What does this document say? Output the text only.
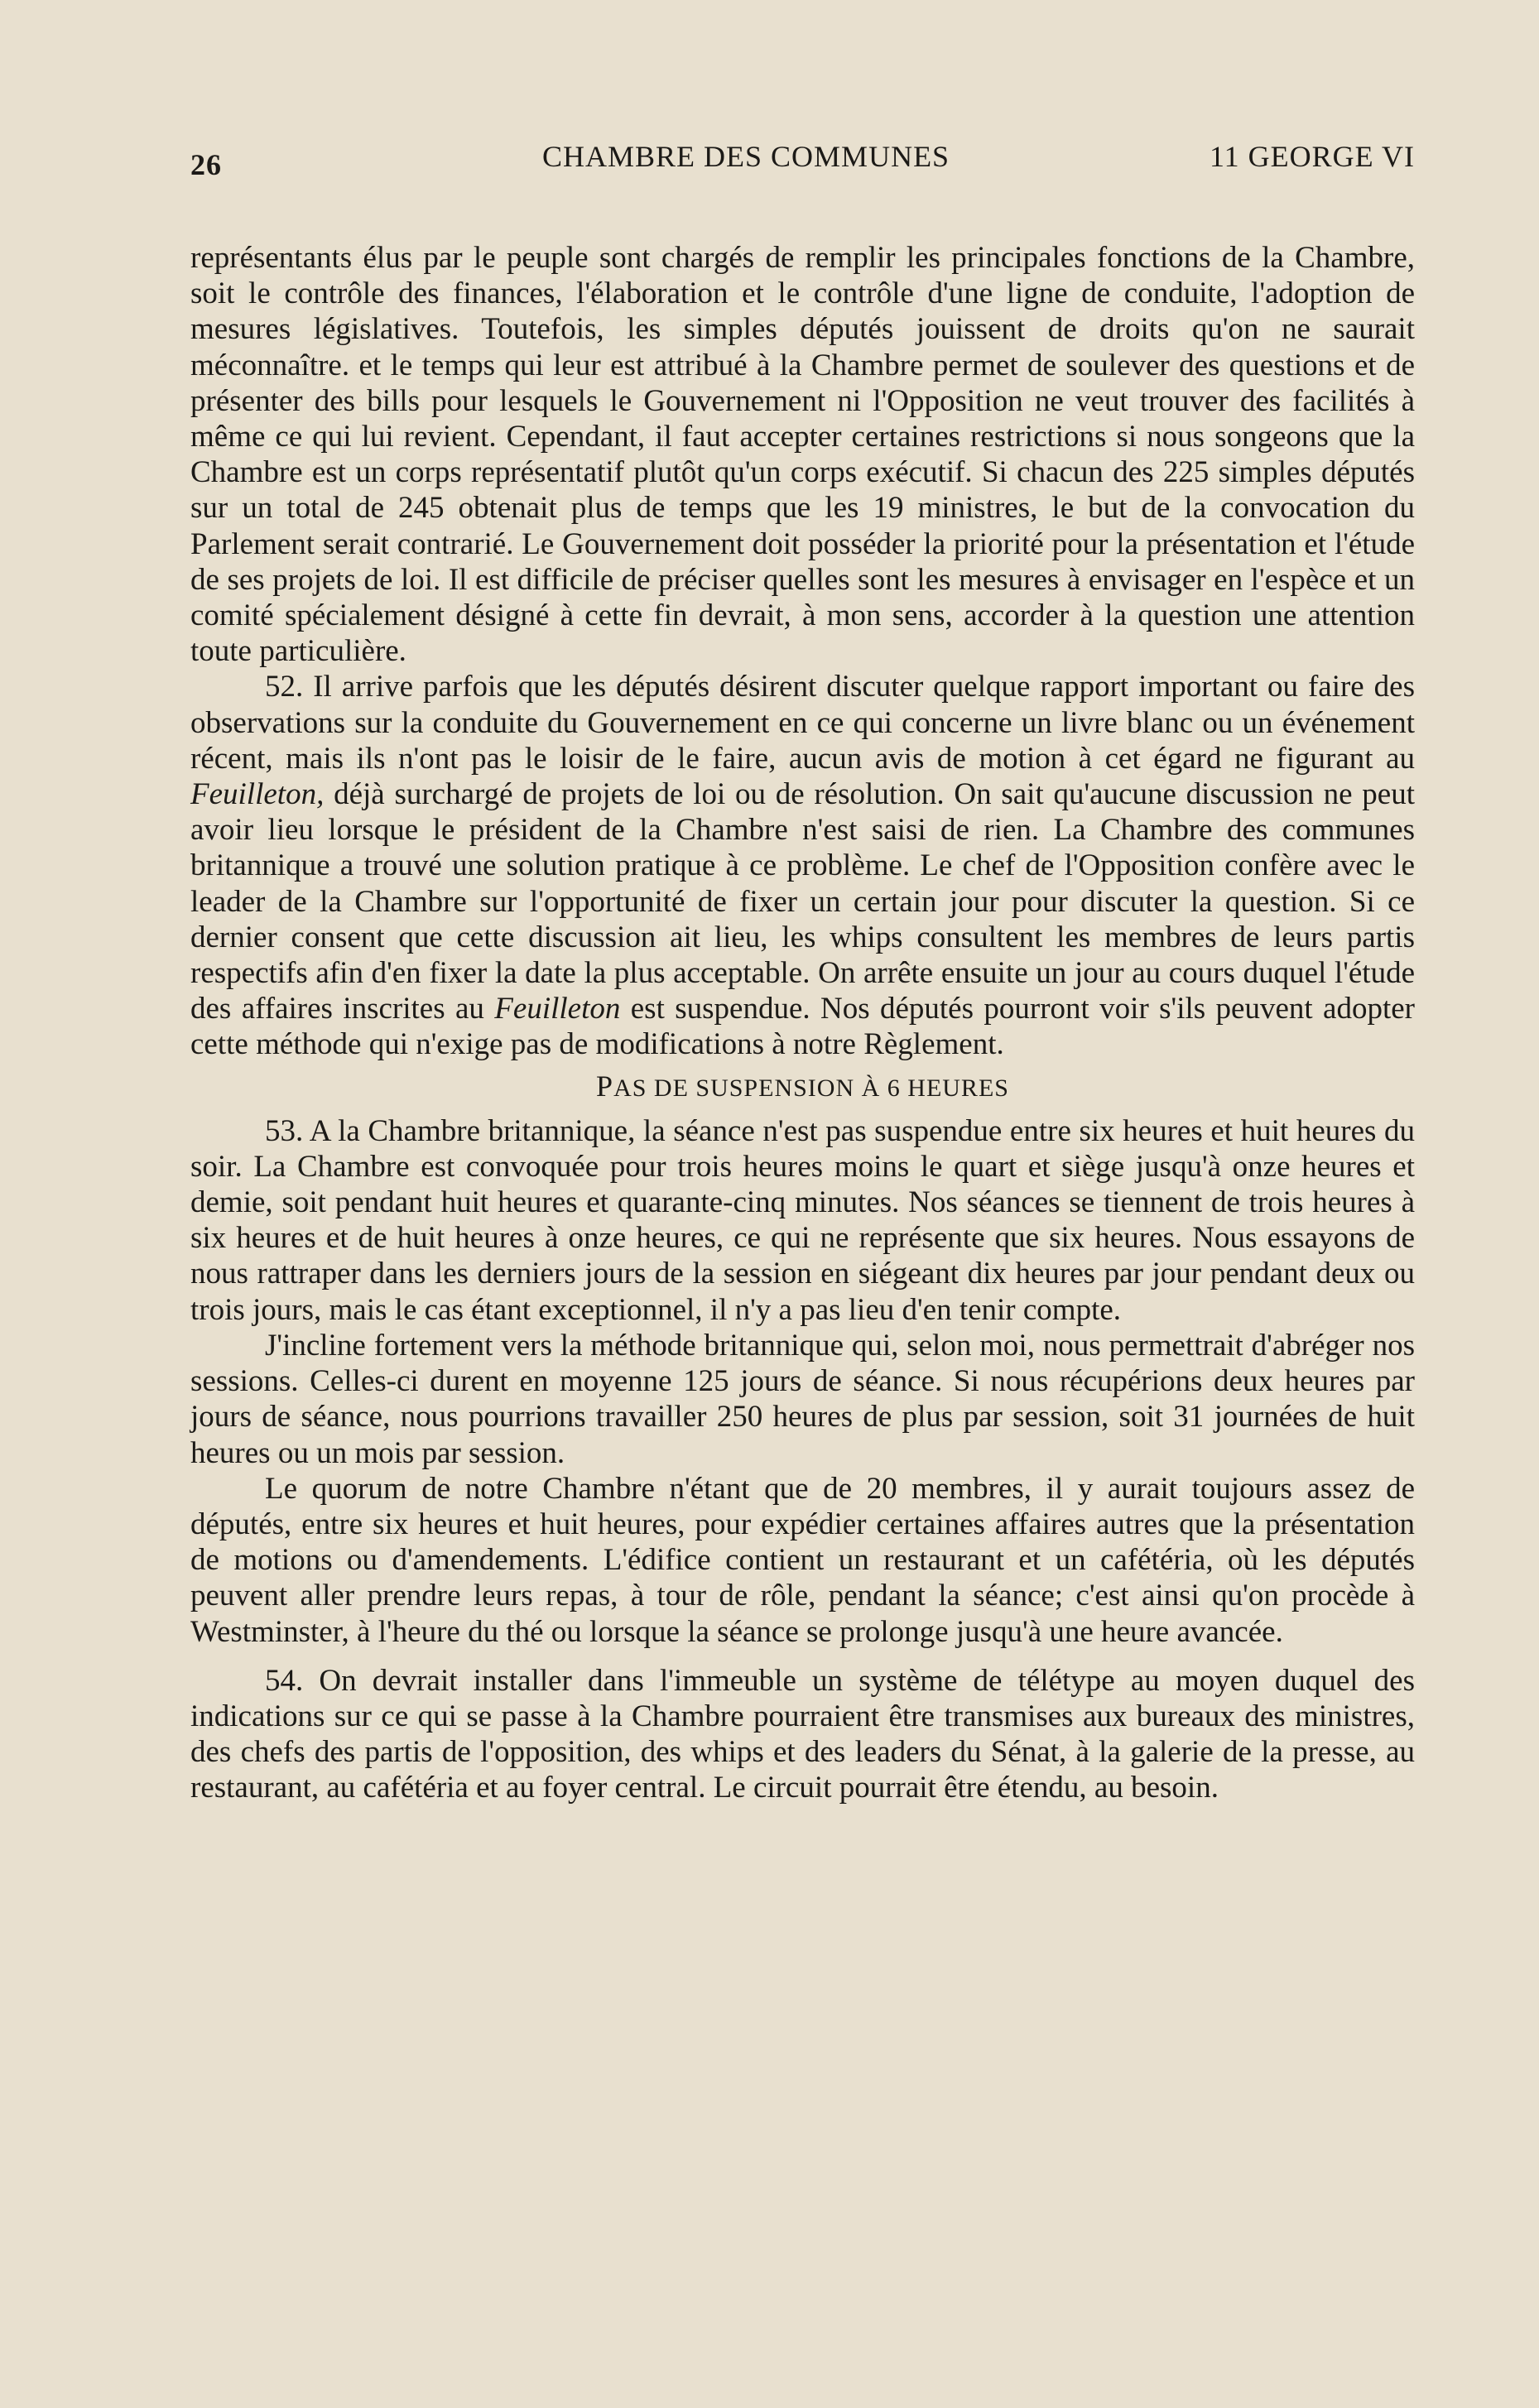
26	CHAMBRE DES COMMUNES	11 GEORGE VI

représentants élus par le peuple sont chargés de remplir les principales fonctions de la Chambre, soit le contrôle des finances, l'élaboration et le contrôle d'une ligne de conduite, l'adoption de mesures législatives. Toutefois, les simples députés jouissent de droits qu'on ne saurait méconnaître. et le temps qui leur est attribué à la Chambre permet de soulever des questions et de présenter des bills pour lesquels le Gouvernement ni l'Opposition ne veut trouver des facilités à même ce qui lui revient. Cependant, il faut accepter certaines restrictions si nous songeons que la Chambre est un corps représentatif plutôt qu'un corps exécutif. Si chacun des 225 simples députés sur un total de 245 obtenait plus de temps que les 19 ministres, le but de la convocation du Parlement serait contrarié. Le Gouvernement doit posséder la priorité pour la présentation et l'étude de ses projets de loi. Il est difficile de préciser quelles sont les mesures à envisager en l'espèce et un comité spécialement désigné à cette fin devrait, à mon sens, accorder à la question une attention toute particulière.

52. Il arrive parfois que les députés désirent discuter quelque rapport important ou faire des observations sur la conduite du Gouvernement en ce qui concerne un livre blanc ou un événement récent, mais ils n'ont pas le loisir de le faire, aucun avis de motion à cet égard ne figurant au Feuilleton, déjà surchargé de projets de loi ou de résolution. On sait qu'aucune discussion ne peut avoir lieu lorsque le président de la Chambre n'est saisi de rien. La Chambre des communes britannique a trouvé une solution pratique à ce problème. Le chef de l'Opposition confère avec le leader de la Chambre sur l'opportunité de fixer un certain jour pour discuter la question. Si ce dernier consent que cette discussion ait lieu, les whips consultent les membres de leurs partis respectifs afin d'en fixer la date la plus acceptable. On arrête ensuite un jour au cours duquel l'étude des affaires inscrites au Feuilleton est suspendue. Nos députés pourront voir s'ils peuvent adopter cette méthode qui n'exige pas de modifications à notre Règlement.

PAS DE SUSPENSION À 6 HEURES

53. A la Chambre britannique, la séance n'est pas suspendue entre six heures et huit heures du soir. La Chambre est convoquée pour trois heures moins le quart et siège jusqu'à onze heures et demie, soit pendant huit heures et quarante-cinq minutes. Nos séances se tiennent de trois heures à six heures et de huit heures à onze heures, ce qui ne représente que six heures. Nous essayons de nous rattraper dans les derniers jours de la session en siégeant dix heures par jour pendant deux ou trois jours, mais le cas étant exceptionnel, il n'y a pas lieu d'en tenir compte.

J'incline fortement vers la méthode britannique qui, selon moi, nous permettrait d'abréger nos sessions. Celles-ci durent en moyenne 125 jours de séance. Si nous récupérions deux heures par jours de séance, nous pourrions travailler 250 heures de plus par session, soit 31 journées de huit heures ou un mois par session.

Le quorum de notre Chambre n'étant que de 20 membres, il y aurait toujours assez de députés, entre six heures et huit heures, pour expédier certaines affaires autres que la présentation de motions ou d'amendements. L'édifice contient un restaurant et un cafétéria, où les députés peuvent aller prendre leurs repas, à tour de rôle, pendant la séance; c'est ainsi qu'on procède à Westminster, à l'heure du thé ou lorsque la séance se prolonge jusqu'à une heure avancée.

54. On devrait installer dans l'immeuble un système de télétype au moyen duquel des indications sur ce qui se passe à la Chambre pourraient être transmises aux bureaux des ministres, des chefs des partis de l'opposition, des whips et des leaders du Sénat, à la galerie de la presse, au restaurant, au cafétéria et au foyer central. Le circuit pourrait être étendu, au besoin.
